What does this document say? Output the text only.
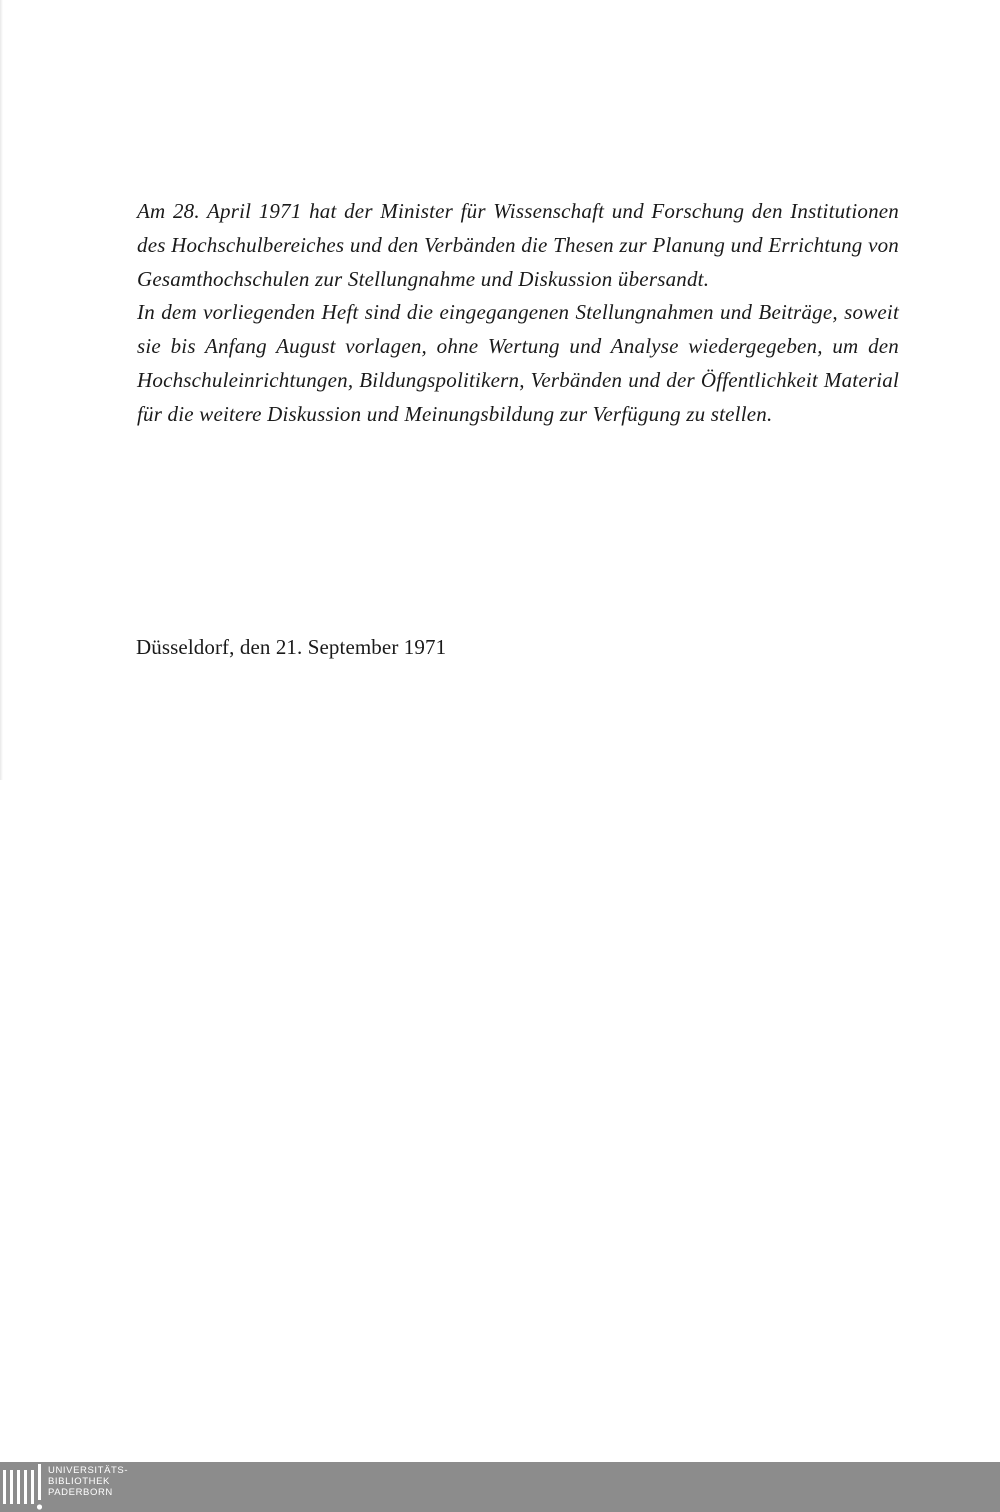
Am 28. April 1971 hat der Minister für Wissenschaft und Forschung den Institutionen des Hochschulbereiches und den Verbänden die Thesen zur Planung und Errichtung von Gesamthochschulen zur Stellungnahme und Diskussion übersandt.

In dem vorliegenden Heft sind die eingegangenen Stellungnahmen und Beiträge, soweit sie bis Anfang August vorlagen, ohne Wertung und Analyse wiedergegeben, um den Hochschuleinrichtungen, Bildungspolitikern, Verbänden und der Öffentlichkeit Material für die weitere Diskussion und Meinungsbildung zur Verfügung zu stellen.

Düsseldorf, den 21. September 1971
UNIVERSITÄTS-
BIBLIOTHEK
PADERBORN
